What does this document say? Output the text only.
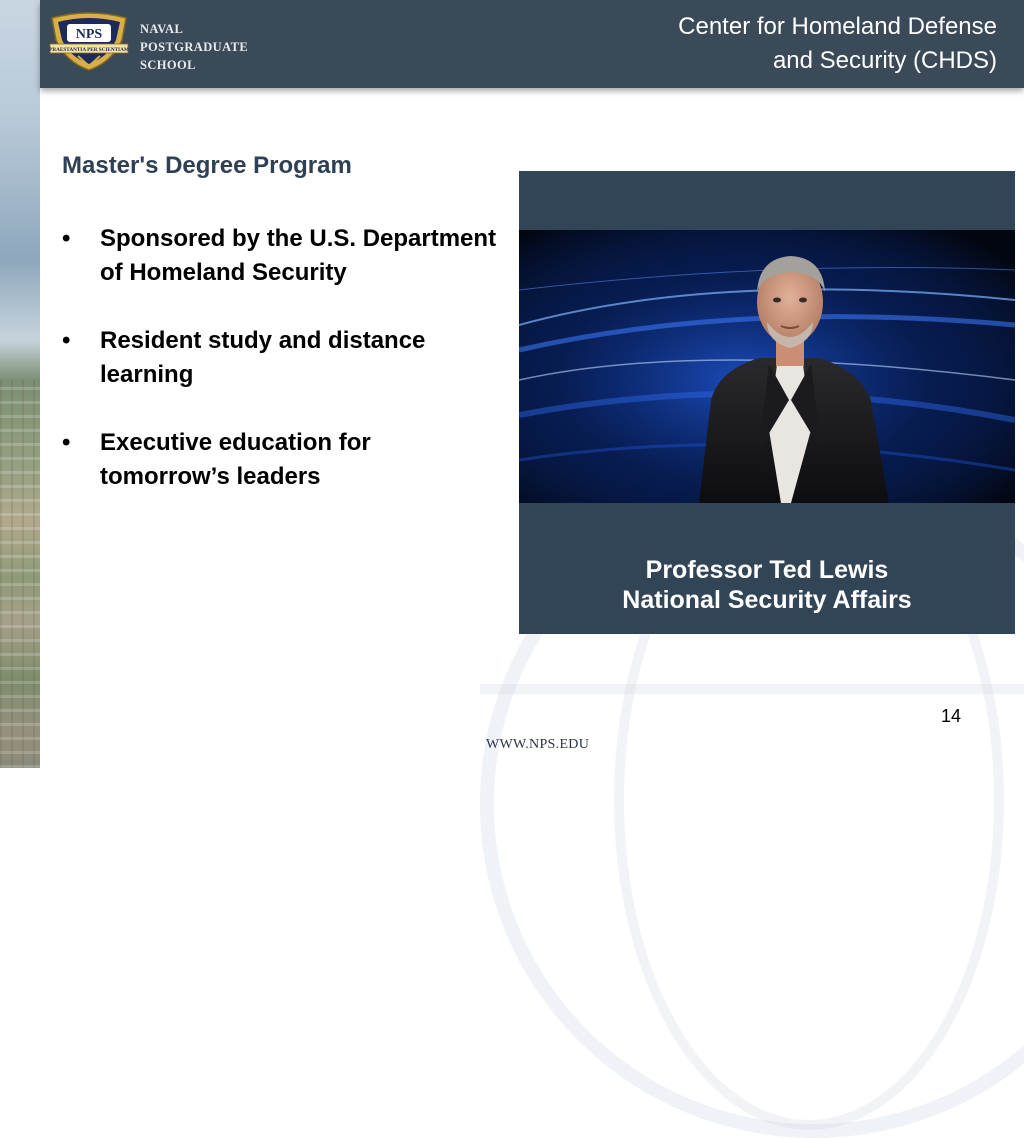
NPS
PRAESTANTIA PER SCIENTIAM
NAVAL
POSTGRADUATE
SCHOOL
Center for Homeland Defense
and Security (CHDS)
Master's Degree Program
• Sponsored by the U.S. Department of Homeland Security
• Resident study and distance learning
• Executive education for tomorrow’s leaders
Professor Ted Lewis
National Security Affairs
14
WWW.NPS.EDU
